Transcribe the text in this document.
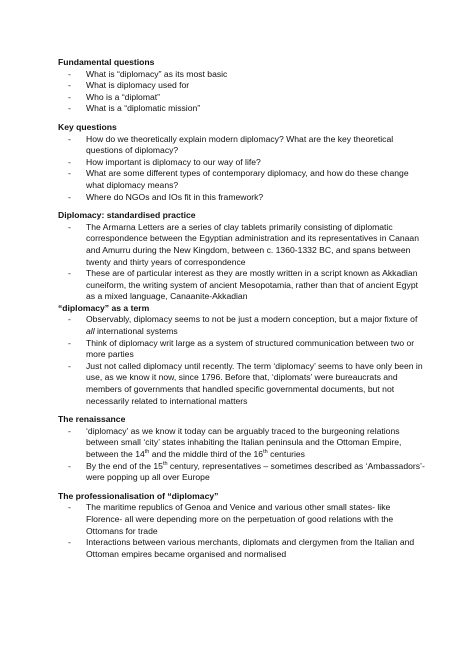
Fundamental questions

- What is “diplomacy” as its most basic
- What is diplomacy used for
- Who is a “diplomat”
- What is a “diplomatic mission”

Key questions

- How do we theoretically explain modern diplomacy? What are the key theoretical questions of diplomacy?
- How important is diplomacy to our way of life?
- What are some different types of contemporary diplomacy, and how do these change what diplomacy means?
- Where do NGOs and IOs fit in this framework?

Diplomacy: standardised practice

- The Armarna Letters are a series of clay tablets primarily consisting of diplomatic correspondence between the Egyptian administration and its representatives in Canaan and Amurru during the New Kingdom, between c. 1360-1332 BC, and spans between twenty and thirty years of correspondence
- These are of particular interest as they are mostly written in a script known as Akkadian cuneiform, the writing system of ancient Mesopotamia, rather than that of ancient Egypt as a mixed language, Canaanite-Akkadian

“diplomacy” as a term

- Observably, diplomacy seems to not be just a modern conception, but a major fixture of all international systems
- Think of diplomacy writ large as a system of structured communication between two or more parties
- Just not called diplomacy until recently. The term ‘diplomacy’ seems to have only been in use, as we know it now, since 1796. Before that, ‘diplomats’ were bureaucrats and members of governments that handled specific governmental documents, but not necessarily related to international matters

The renaissance

- ‘diplomacy’ as we know it today can be arguably traced to the burgeoning relations between small ‘city’ states inhabiting the Italian peninsula and the Ottoman Empire, between the 14th and the middle third of the 16th centuries
- By the end of the 15th century, representatives – sometimes described as ‘Ambassadors’- were popping up all over Europe

The professionalisation of “diplomacy”

- The maritime republics of Genoa and Venice and various other small states- like Florence- all were depending more on the perpetuation of good relations with the Ottomans for trade
- Interactions between various merchants, diplomats and clergymen from the Italian and Ottoman empires became organised and normalised
